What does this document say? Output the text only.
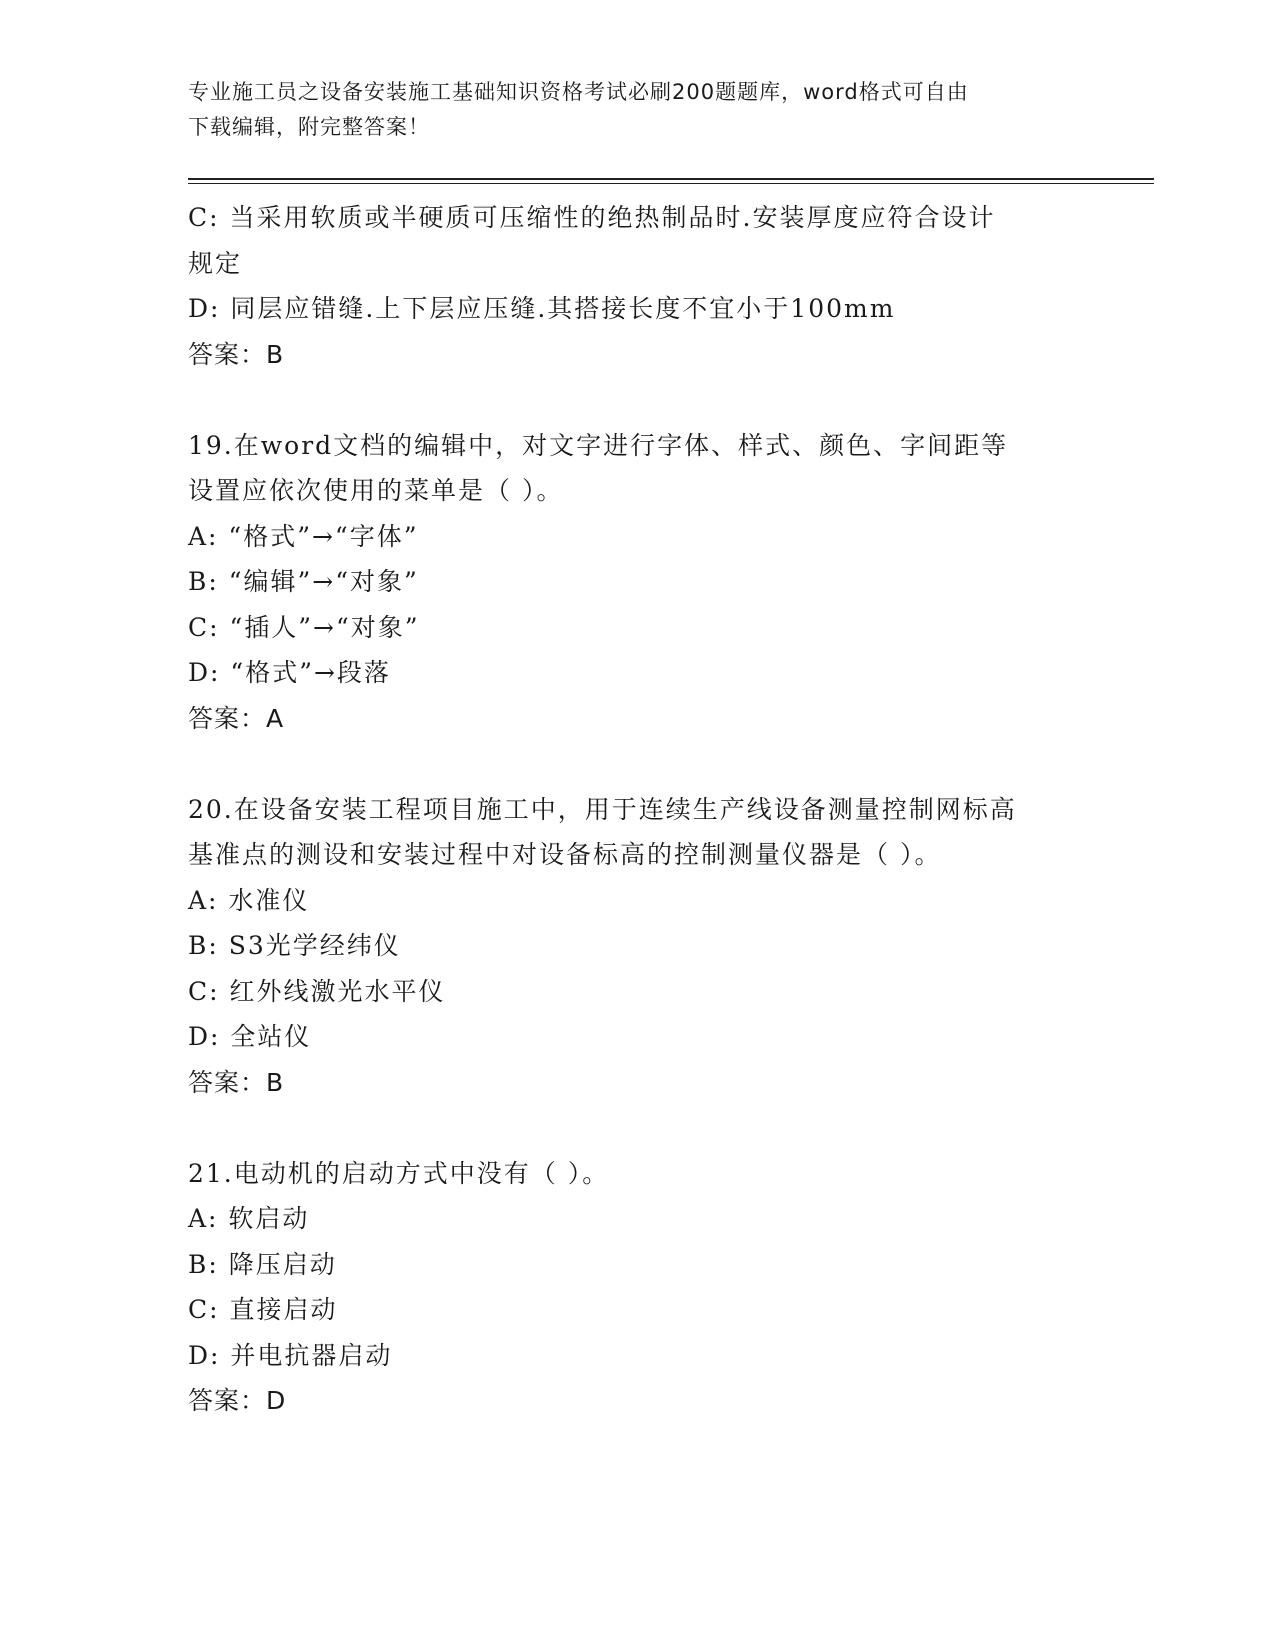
专业施工员之设备安装施工基础知识资格考试必刷200题题库，word格式可自由
下载编辑，附完整答案！
C: 当采用软质或半硬质可压缩性的绝热制品时.安装厚度应符合设计
规定
D: 同层应错缝.上下层应压缝.其搭接长度不宜小于100mm
答案：B
19.在word文档的编辑中，对文字进行字体、样式、颜色、字间距等
设置应依次使用的菜单是（ ）。
A: “格式”→“字体”
B: “编辑”→“对象”
C: “插人”→“对象”
D: “格式”→段落
答案：A
20.在设备安装工程项目施工中，用于连续生产线设备测量控制网标高
基准点的测设和安装过程中对设备标高的控制测量仪器是（ ）。
A: 水准仪
B: S3光学经纬仪
C: 红外线激光水平仪
D: 全站仪
答案：B
21.电动机的启动方式中没有（ ）。
A: 软启动
B: 降压启动
C: 直接启动
D: 并电抗器启动
答案：D
